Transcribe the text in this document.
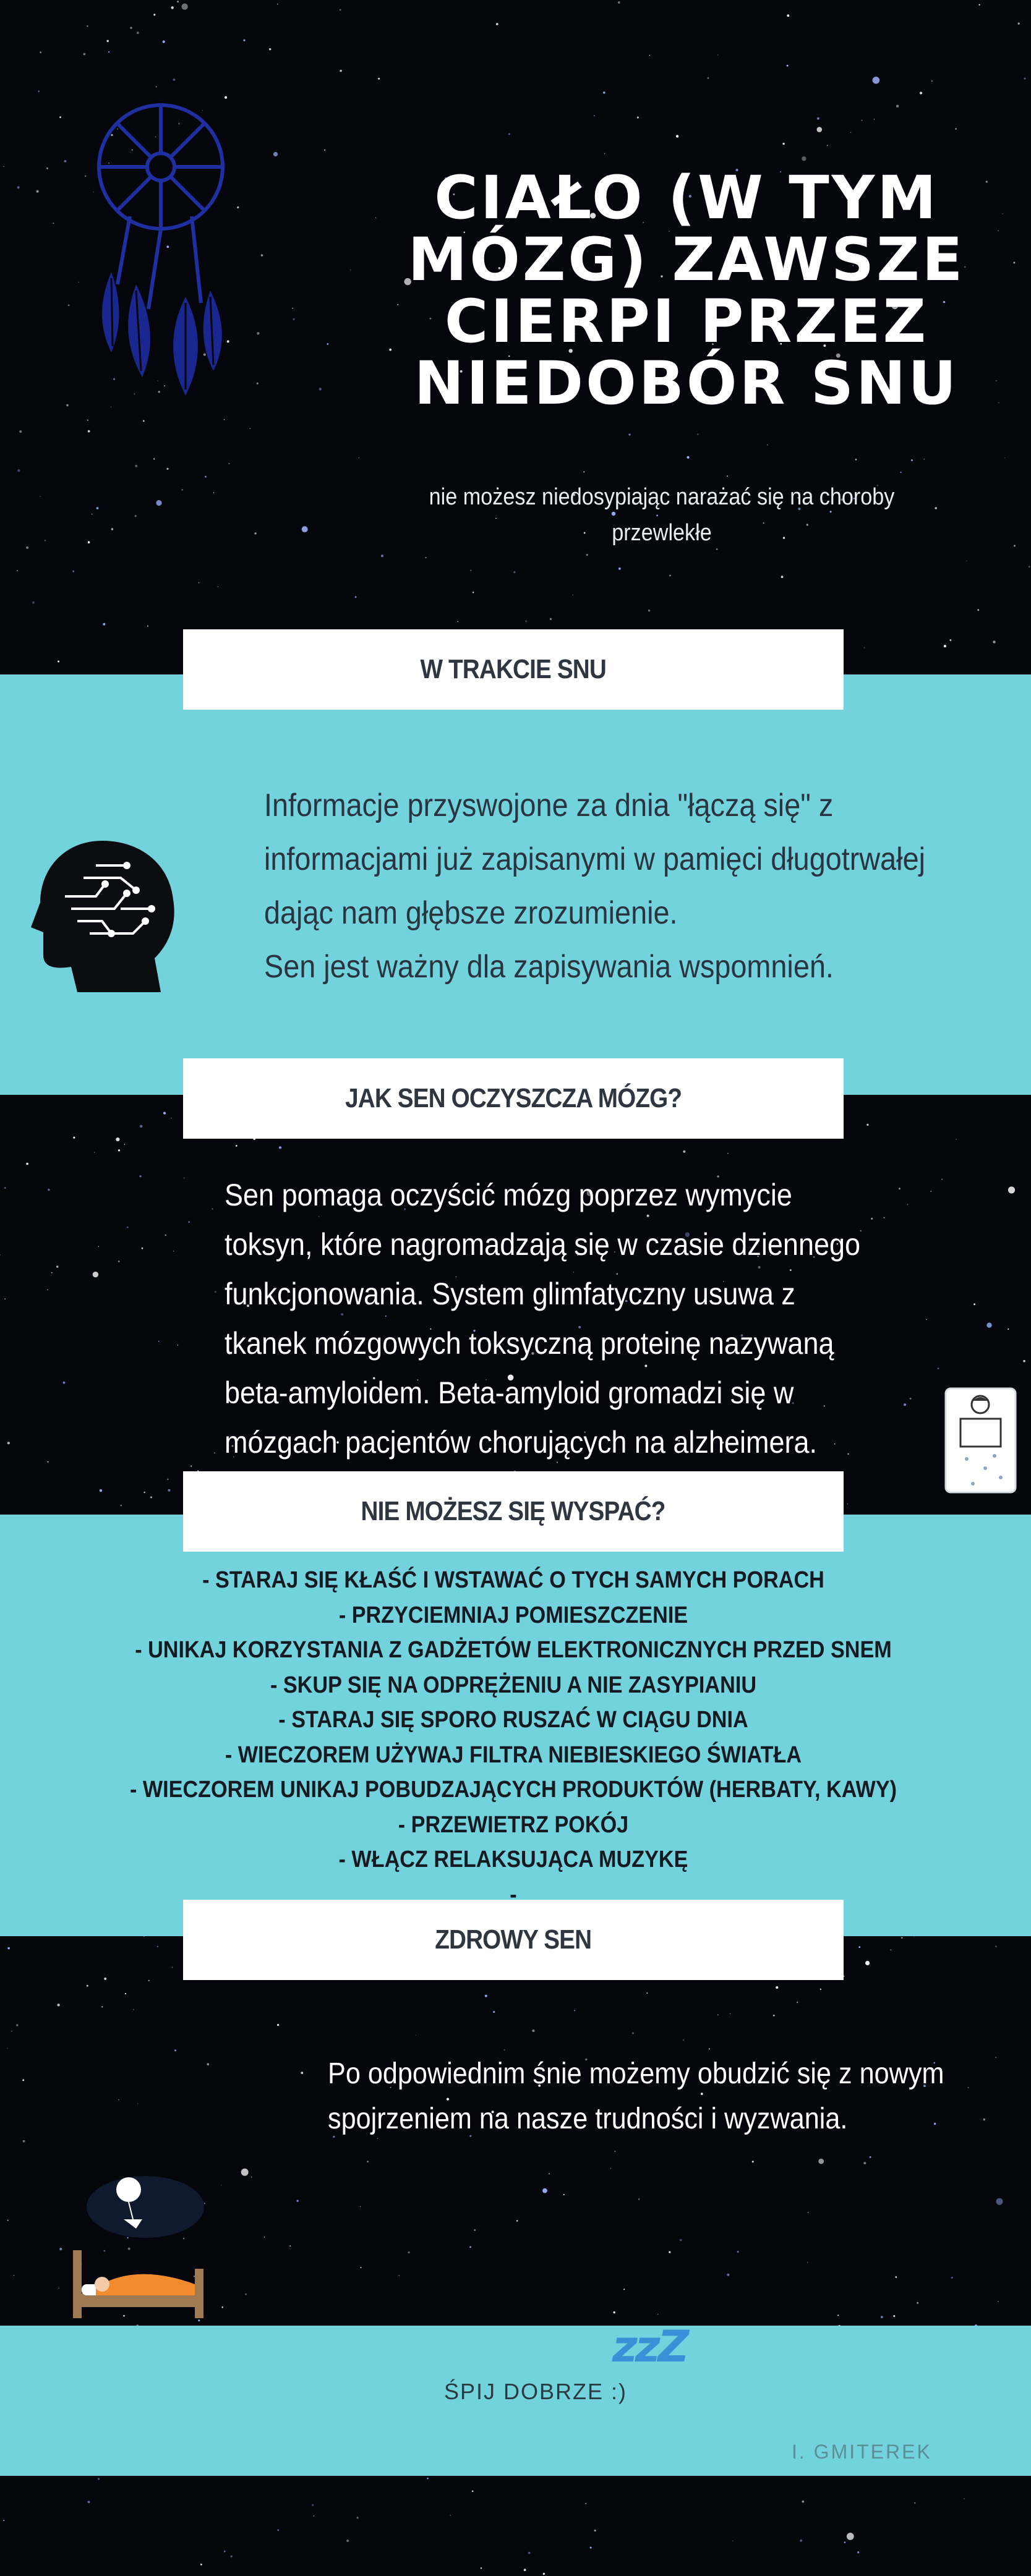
CIAŁO (W TYM
MÓZG) ZAWSZE
CIERPI PRZEZ
NIEDOBÓR SNU
nie możesz niedosypiając narażać się na choroby
przewlekłe
W TRAKCIE SNU
Informacje przyswojone za dnia "łączą się" z
informacjami już zapisanymi w pamięci długotrwałej
dając nam głębsze zrozumienie.
Sen jest ważny dla zapisywania wspomnień.
JAK SEN OCZYSZCZA MÓZG?
Sen pomaga oczyścić mózg poprzez wymycie
toksyn, które nagromadzają się w czasie dziennego
funkcjonowania. System glimfatyczny usuwa z
tkanek mózgowych toksyczną proteinę nazywaną
beta-amyloidem. Beta-amyloid gromadzi się w
mózgach pacjentów chorujących na alzheimera.
NIE MOŻESZ SIĘ WYSPAĆ?
- STARAJ SIĘ KŁAŚĆ I WSTAWAĆ O TYCH SAMYCH PORACH
- PRZYCIEMNIAJ POMIESZCZENIE
- UNIKAJ KORZYSTANIA Z GADŻETÓW ELEKTRONICZNYCH PRZED SNEM
- SKUP SIĘ NA ODPRĘŻENIU A NIE ZASYPIANIU
- STARAJ SIĘ SPORO RUSZAĆ W CIĄGU DNIA
- WIECZOREM UŻYWAJ FILTRA NIEBIESKIEGO ŚWIATŁA
- WIECZOREM UNIKAJ POBUDZAJĄCYCH PRODUKTÓW (HERBATY, KAWY)
- PRZEWIETRZ POKÓJ
- WŁĄCZ RELAKSUJĄCA MUZYKĘ
-
ZDROWY SEN
Po odpowiednim śnie możemy obudzić się z nowym
spojrzeniem na nasze trudności i wyzwania.
ŚPIJ DOBRZE :)
zzZ
I. GMITEREK
